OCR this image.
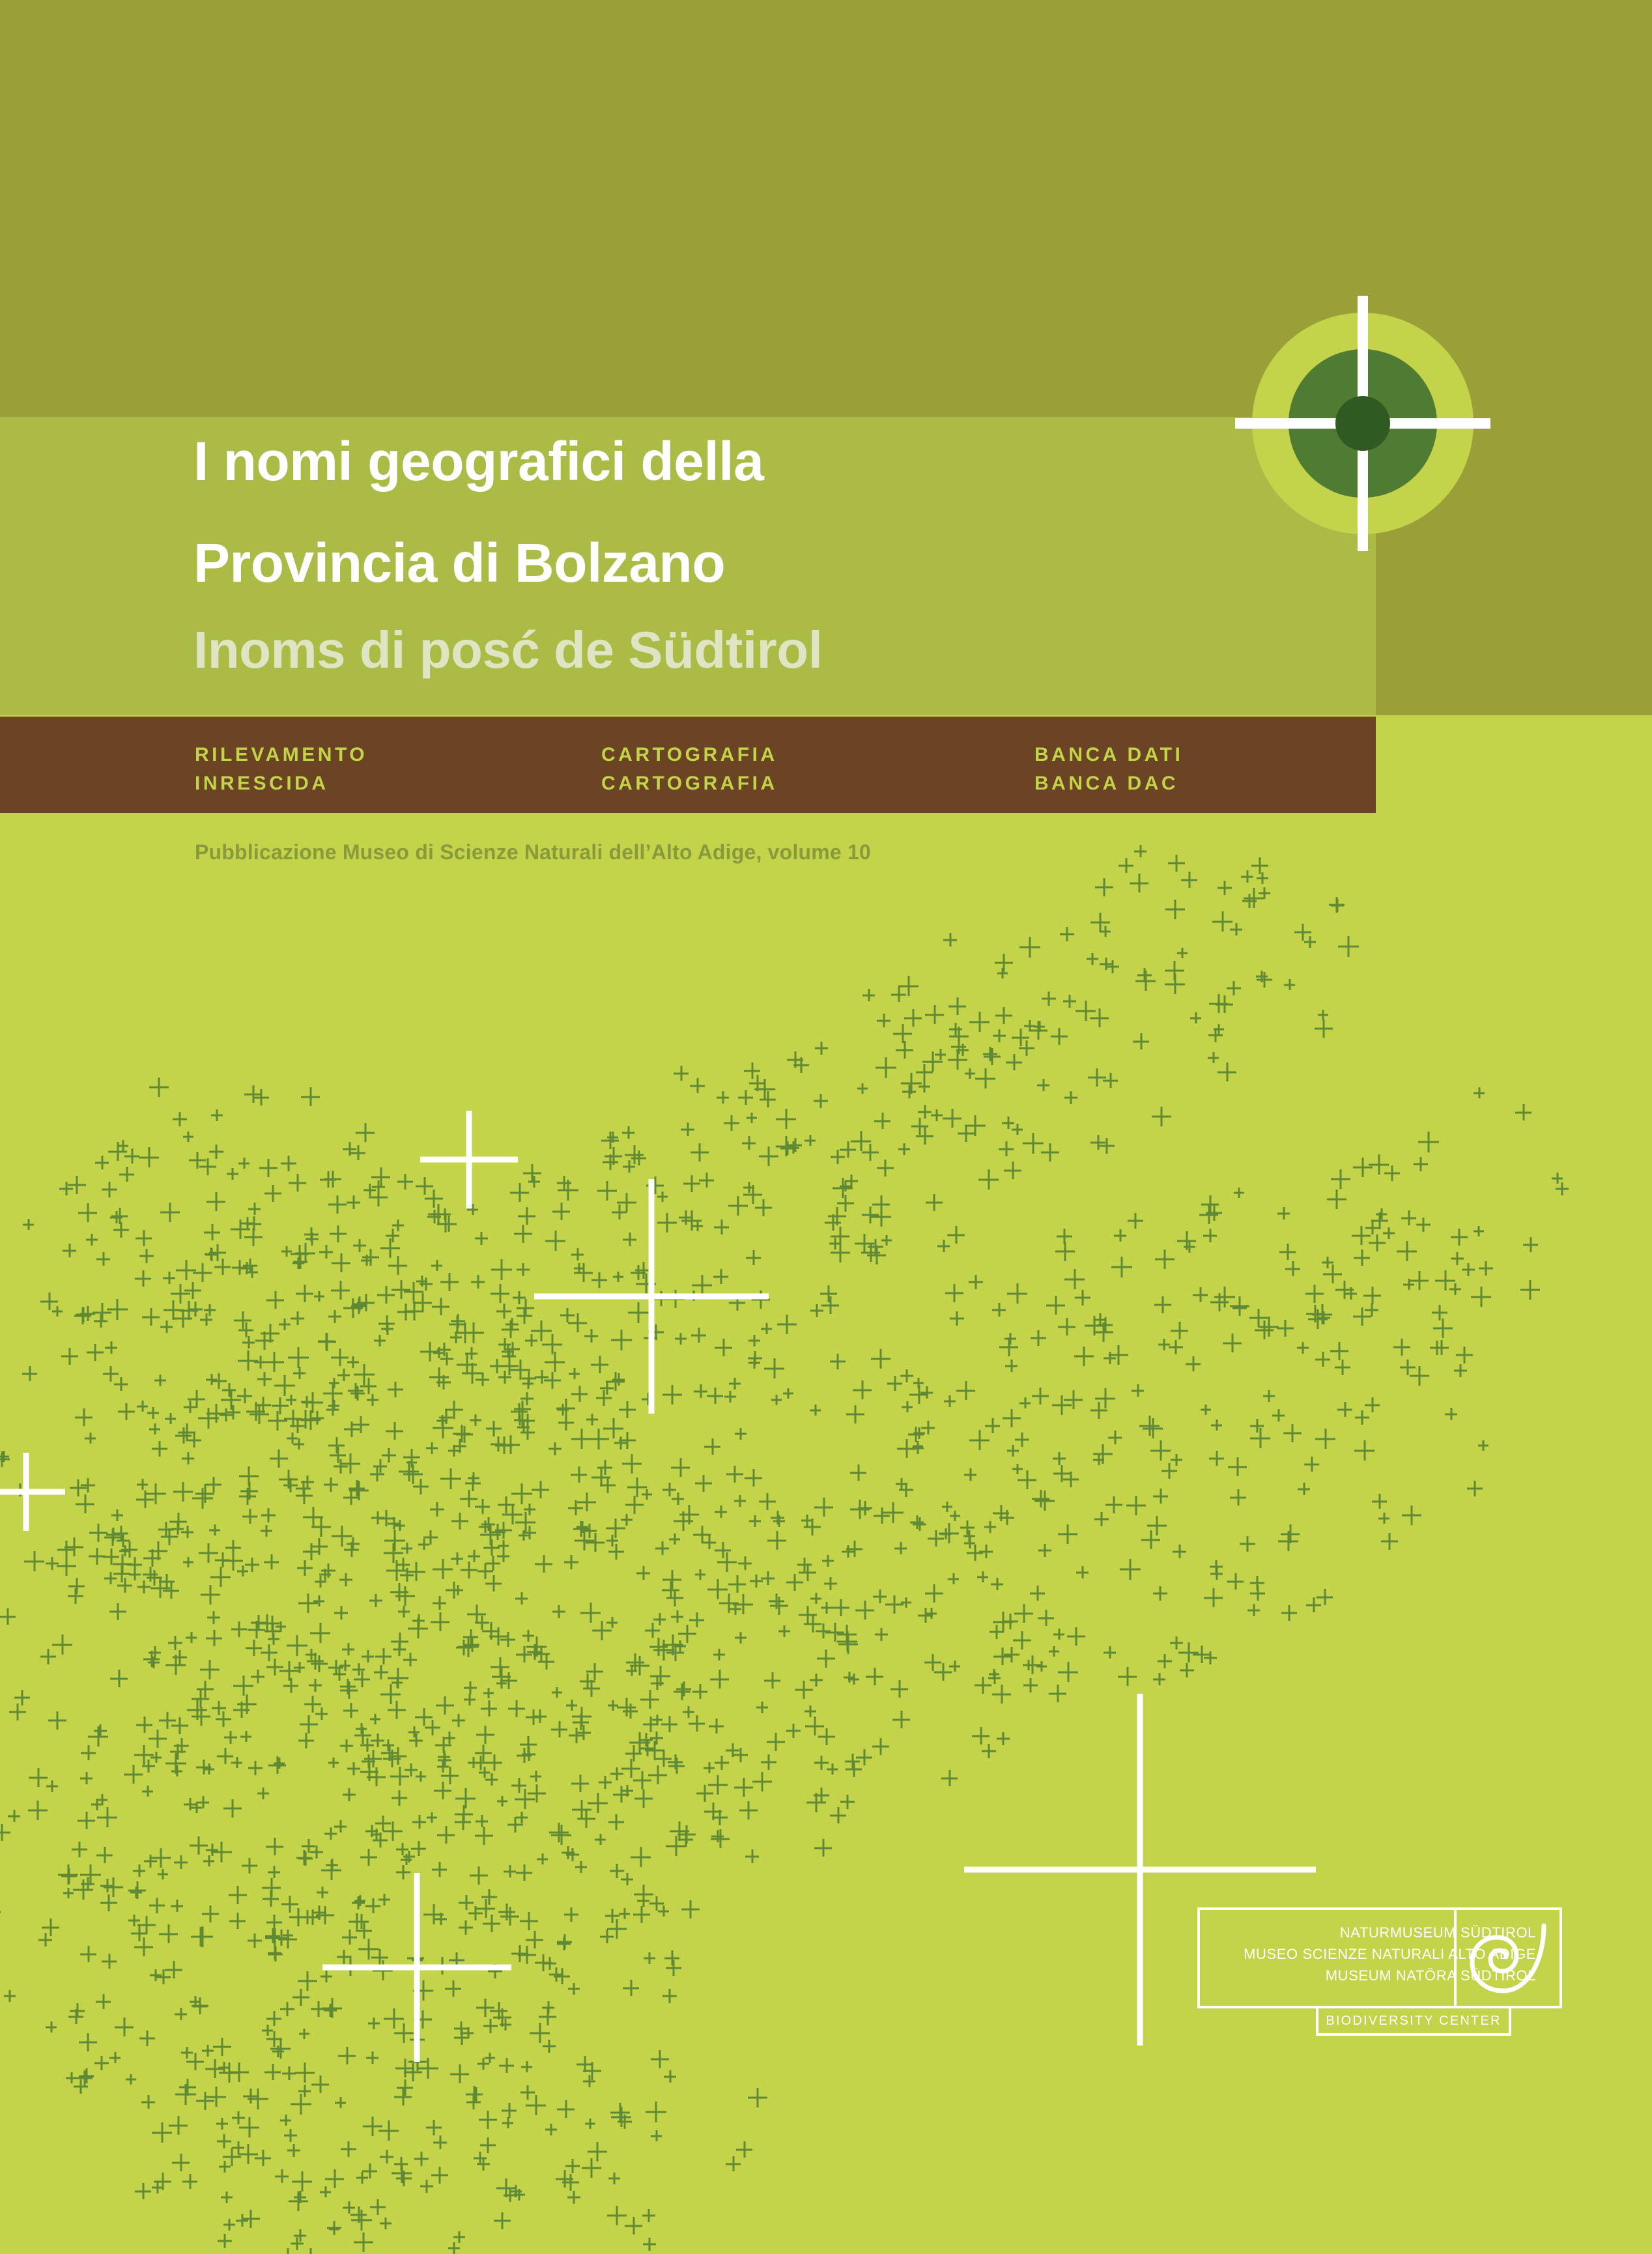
I nomi geografici della
Provincia di Bolzano
Inoms di posć de Südtirol
RILEVAMENTO
INRESCIDA
CARTOGRAFIA
CARTOGRAFIA
BANCA DATI
BANCA DAC
Pubblicazione Museo di Scienze Naturali dell’Alto Adige, volume 10
NATURMUSEUM SÜDTIROL
MUSEO SCIENZE NATURALI ALTO ADIGE
MUSEUM NATÖRA SÜDTIROL
BIODIVERSITY CENTER
